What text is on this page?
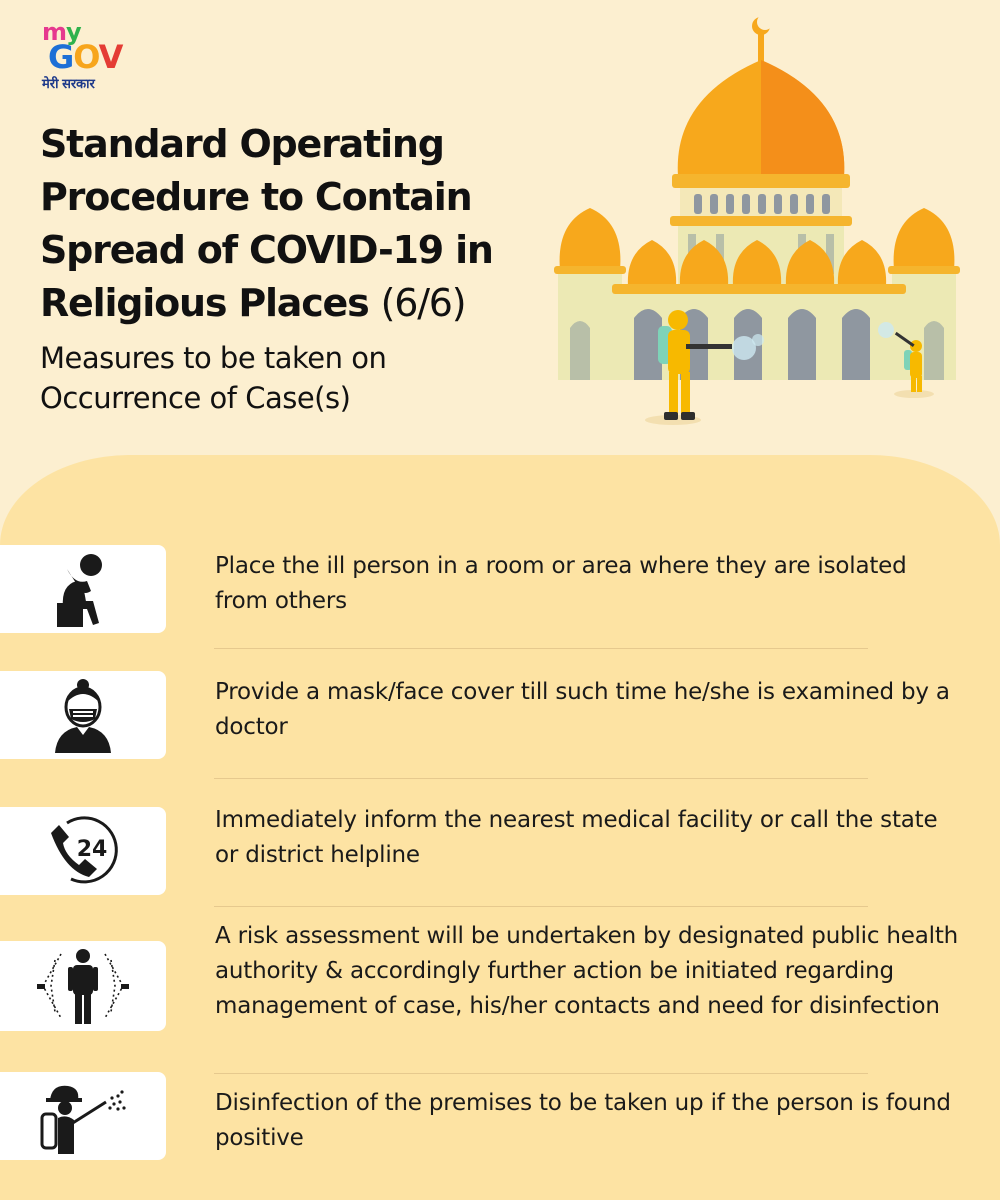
my
GOV
मेरी सरकार
Standard Operating Procedure to Contain Spread of COVID-19 in Religious Places (6/6)
Measures to be taken on Occurrence of Case(s)
Place the ill person in a room or area where they are isolated from others
Provide a mask/face cover till such time he/she is examined by a doctor
24
Immediately inform the nearest medical facility or call the state or district helpline
A risk assessment will be undertaken by designated public health authority & accordingly further action be initiated regarding management of case, his/her contacts and need for disinfection
Disinfection of the premises to be taken up if the person is found positive
